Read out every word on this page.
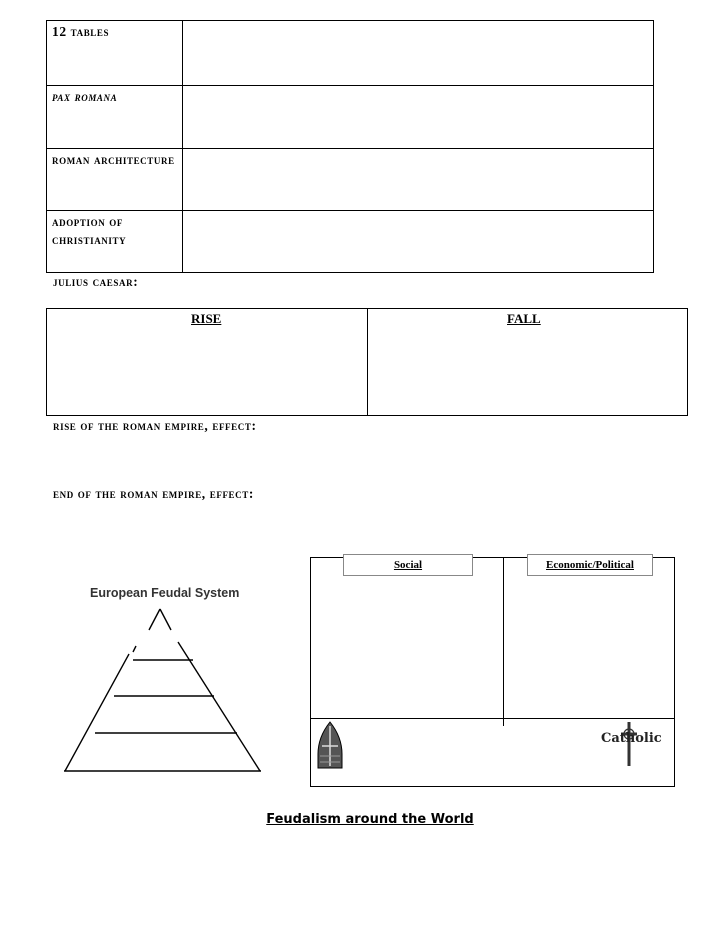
12 tables
pax romana
roman architecture
adoption of christianity
julius caesar:
RISE	FALL
rise of the roman empire, effect:
end of the roman empire, effect:
European Feudal System
Social	Economic/Political
Catholic
Feudalism around the World
